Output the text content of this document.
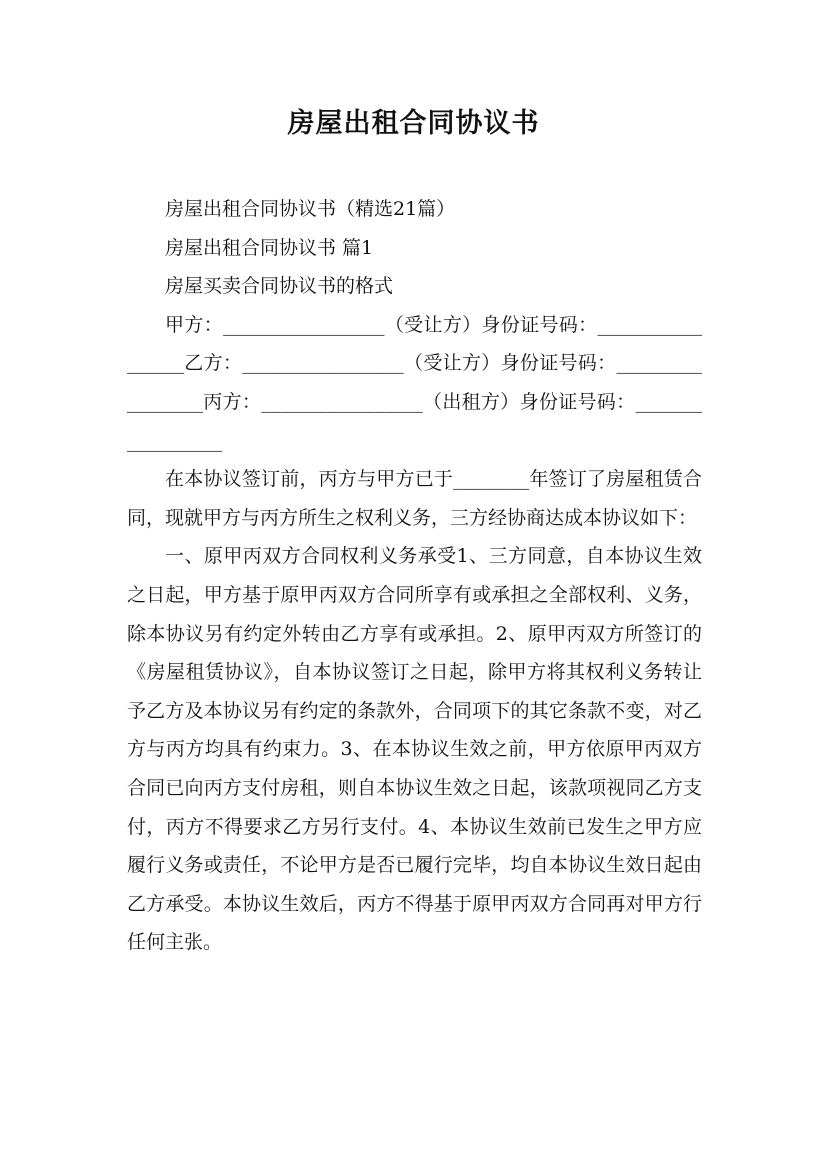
房屋出租合同协议书

房屋出租合同协议书（精选21篇）

房屋出租合同协议书 篇1

房屋买卖合同协议书的格式

甲方：_________________（受让方）身份证号码：_________________乙方：_________________（受让方）身份证号码：_________________丙方：_________________（出租方）身份证号码：_________________

在本协议签订前，丙方与甲方已于________年签订了房屋租赁合同，现就甲方与丙方所生之权利义务，三方经协商达成本协议如下：

一、原甲丙双方合同权利义务承受1、三方同意，自本协议生效之日起，甲方基于原甲丙双方合同所享有或承担之全部权利、义务，除本协议另有约定外转由乙方享有或承担。2、原甲丙双方所签订的《房屋租赁协议》，自本协议签订之日起，除甲方将其权利义务转让予乙方及本协议另有约定的条款外，合同项下的其它条款不变，对乙方与丙方均具有约束力。3、在本协议生效之前，甲方依原甲丙双方合同已向丙方支付房租，则自本协议生效之日起，该款项视同乙方支付，丙方不得要求乙方另行支付。4、本协议生效前已发生之甲方应履行义务或责任，不论甲方是否已履行完毕，均自本协议生效日起由乙方承受。本协议生效后，丙方不得基于原甲丙双方合同再对甲方行任何主张。
